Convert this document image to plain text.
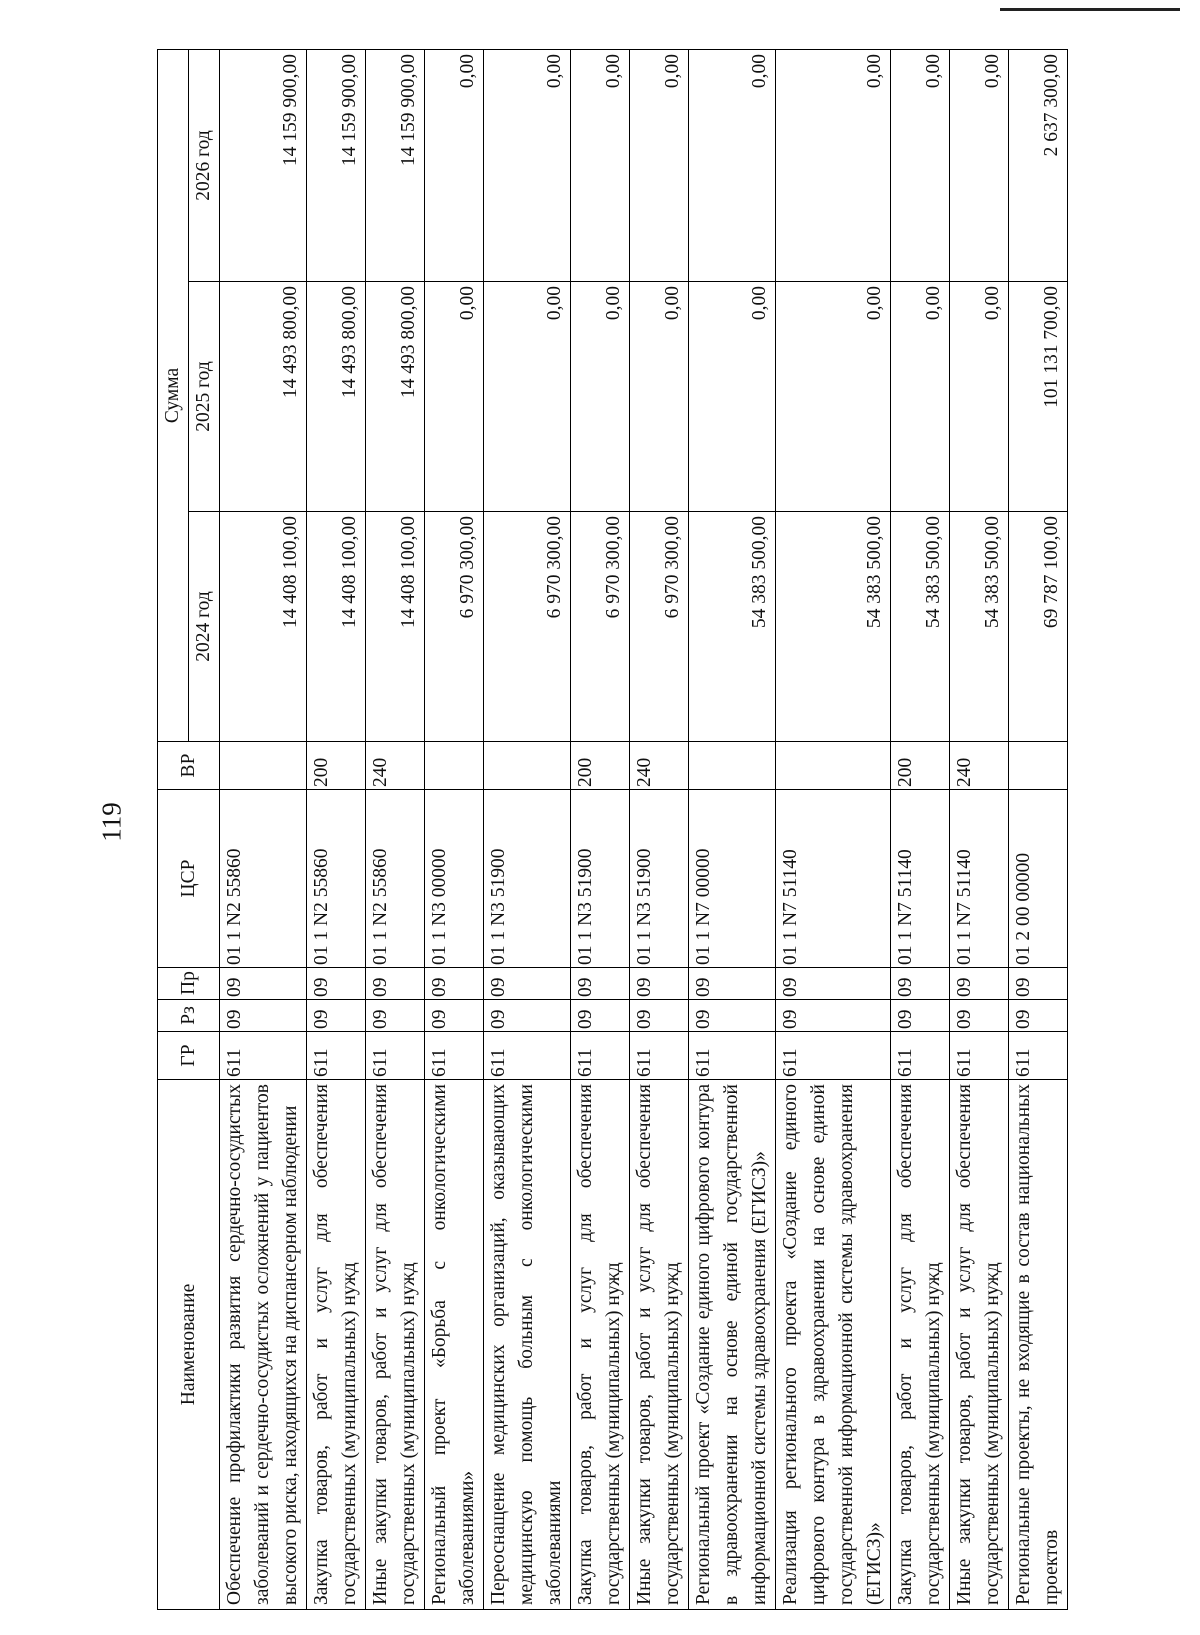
119
Наименование	ГР	Рз	Пр	ЦСР	ВР	Сумма		
						2024 год	2025 год	2026 год
Обеспечение профилактики развития сердечно-сосудистых заболеваний и сердечно-сосудистых осложнений у пациентов высокого риска, находящихся на диспансерном наблюдении	611	09	09	01 1 N2 55860		14 408 100,00	14 493 800,00	14 159 900,00
Закупка товаров, работ и услуг для обеспечения государственных (муниципальных) нужд	611	09	09	01 1 N2 55860	200	14 408 100,00	14 493 800,00	14 159 900,00
Иные закупки товаров, работ и услуг для обеспечения государственных (муниципальных) нужд	611	09	09	01 1 N2 55860	240	14 408 100,00	14 493 800,00	14 159 900,00
Региональный проект «Борьба с онкологическими заболеваниями»	611	09	09	01 1 N3 00000		6 970 300,00	0,00	0,00
Переоснащение медицинских организаций, оказывающих медицинскую помощь больным с онкологическими заболеваниями	611	09	09	01 1 N3 51900		6 970 300,00	0,00	0,00
Закупка товаров, работ и услуг для обеспечения государственных (муниципальных) нужд	611	09	09	01 1 N3 51900	200	6 970 300,00	0,00	0,00
Иные закупки товаров, работ и услуг для обеспечения государственных (муниципальных) нужд	611	09	09	01 1 N3 51900	240	6 970 300,00	0,00	0,00
Региональный проект «Создание единого цифрового контура в здравоохранении на основе единой государственной информационной системы здравоохранения (ЕГИСЗ)»	611	09	09	01 1 N7 00000		54 383 500,00	0,00	0,00
Реализация регионального проекта «Создание единого цифрового контура в здравоохранении на основе единой государственной информационной системы здравоохранения (ЕГИСЗ)»	611	09	09	01 1 N7 51140		54 383 500,00	0,00	0,00
Закупка товаров, работ и услуг для обеспечения государственных (муниципальных) нужд	611	09	09	01 1 N7 51140	200	54 383 500,00	0,00	0,00
Иные закупки товаров, работ и услуг для обеспечения государственных (муниципальных) нужд	611	09	09	01 1 N7 51140	240	54 383 500,00	0,00	0,00
Региональные проекты, не входящие в состав национальных проектов	611	09	09	01 2 00 00000		69 787 100,00	101 131 700,00	2 637 300,00
